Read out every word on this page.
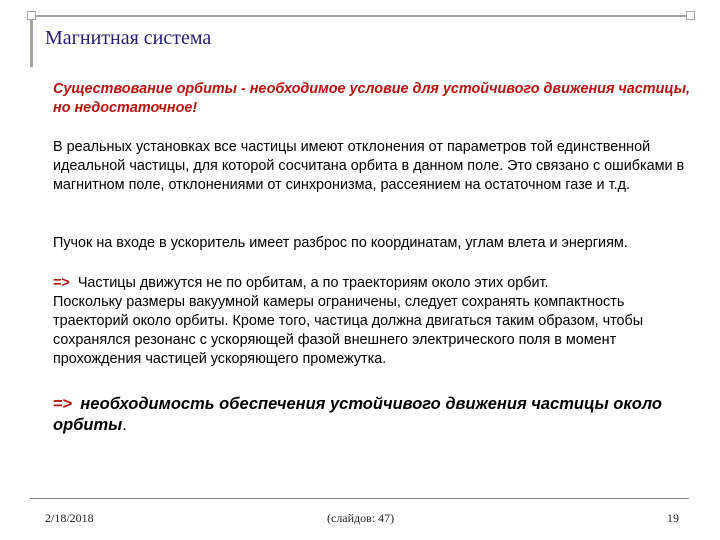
Магнитная система

Существование орбиты - необходимое условие для устойчивого движения частицы, но недостаточное!

В реальных установках все частицы имеют отклонения от параметров той единственной идеальной частицы, для которой сосчитана орбита в данном поле. Это связано с ошибками в магнитном поле, отклонениями от синхронизма, рассеянием на остаточном газе и т.д.

Пучок на входе в ускоритель имеет разброс по координатам, углам влета и энергиям.

=> Частицы движутся не по орбитам, а по траекториям около этих орбит.
Поскольку размеры вакуумной камеры ограничены, следует сохранять компактность траекторий около орбиты. Кроме того, частица должна двигаться таким образом, чтобы сохранялся резонанс с ускоряющей фазой внешнего электрического поля в момент прохождения частицей ускоряющего промежутка.

=> необходимость обеспечения устойчивого движения частицы около орбиты.

2/18/2018	(слайдов: 47)	19
